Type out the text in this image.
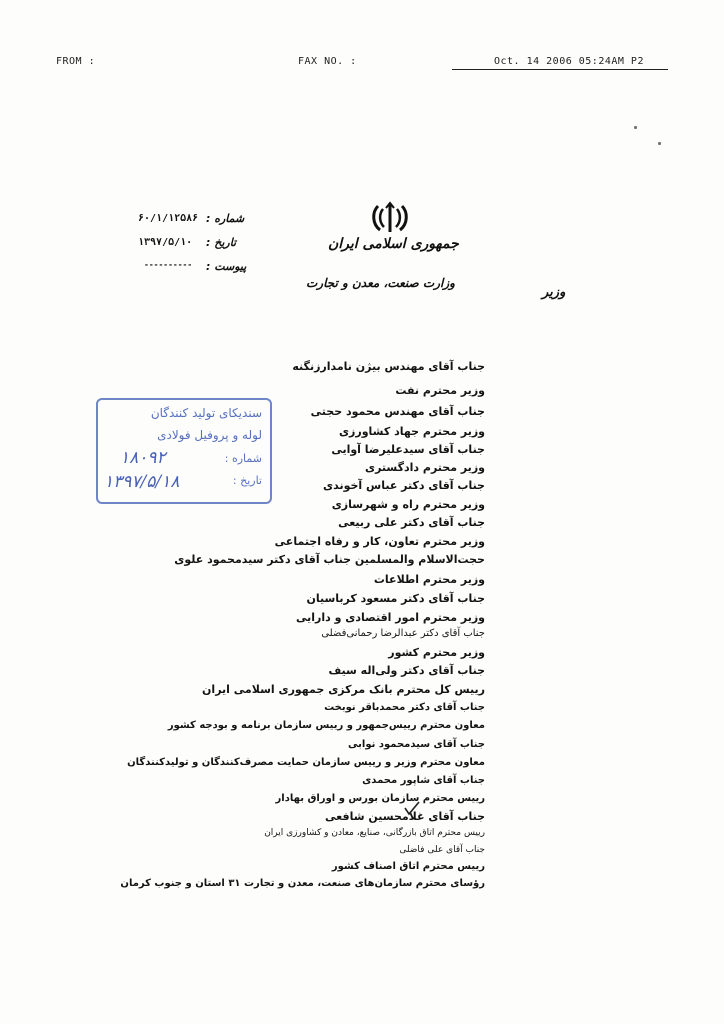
FROM :	FAX NO. :	Oct. 14 2006 05:24AM P2
جمهوری اسلامی ایران
وزارت صنعت، معدن و تجارت
وزیر
شماره :
۶۰/۱/۱۲۵۸۶
تاریخ :
۱۳۹۷/۵/۱۰
پیوست :
----------
سندیکای تولید کنندگان
لوله و پروفیل فولادی
شماره :
۱۸۰۹۲
تاریخ :
۱۳۹۷/۵/۱۸
جناب آقای مهندس بیژن نامدارزنگنه
وزیر محترم نفت
جناب آقای مهندس محمود حجتی
وزیر محترم جهاد کشاورزی
جناب آقای سیدعلیرضا آوایی
وزیر محترم دادگستری
جناب آقای دکتر عباس آخوندی
وزیر محترم راه و شهرسازی
جناب آقای دکتر علی ربیعی
وزیر محترم تعاون، کار و رفاه اجتماعی
حجت‌الاسلام والمسلمین جناب آقای دکتر سیدمحمود علوی
وزیر محترم اطلاعات
جناب آقای دکتر مسعود کرباسیان
وزیر محترم امور اقتصادی و دارایی
جناب آقای دکتر عبدالرضا رحمانی‌فضلی
وزیر محترم کشور
جناب آقای دکتر ولی‌اله سیف
رییس کل محترم بانک مرکزی جمهوری اسلامی ایران
جناب آقای دکتر محمدباقر نوبخت
معاون محترم رییس‌جمهور و رییس سازمان برنامه و بودجه کشور
جناب آقای سیدمحمود نوابی
معاون محترم وزیر و رییس سازمان حمایت مصرف‌کنندگان و تولیدکنندگان
جناب آقای شاپور محمدی
رییس محترم سازمان بورس و اوراق بهادار
جناب آقای غلامحسین شافعی
رییس محترم اتاق بازرگانی، صنایع، معادن و کشاورزی ایران
جناب آقای علی فاضلی
رییس محترم اتاق اصناف کشور
رؤسای محترم سازمان‌های صنعت، معدن و تجارت ۳۱ استان و جنوب کرمان
